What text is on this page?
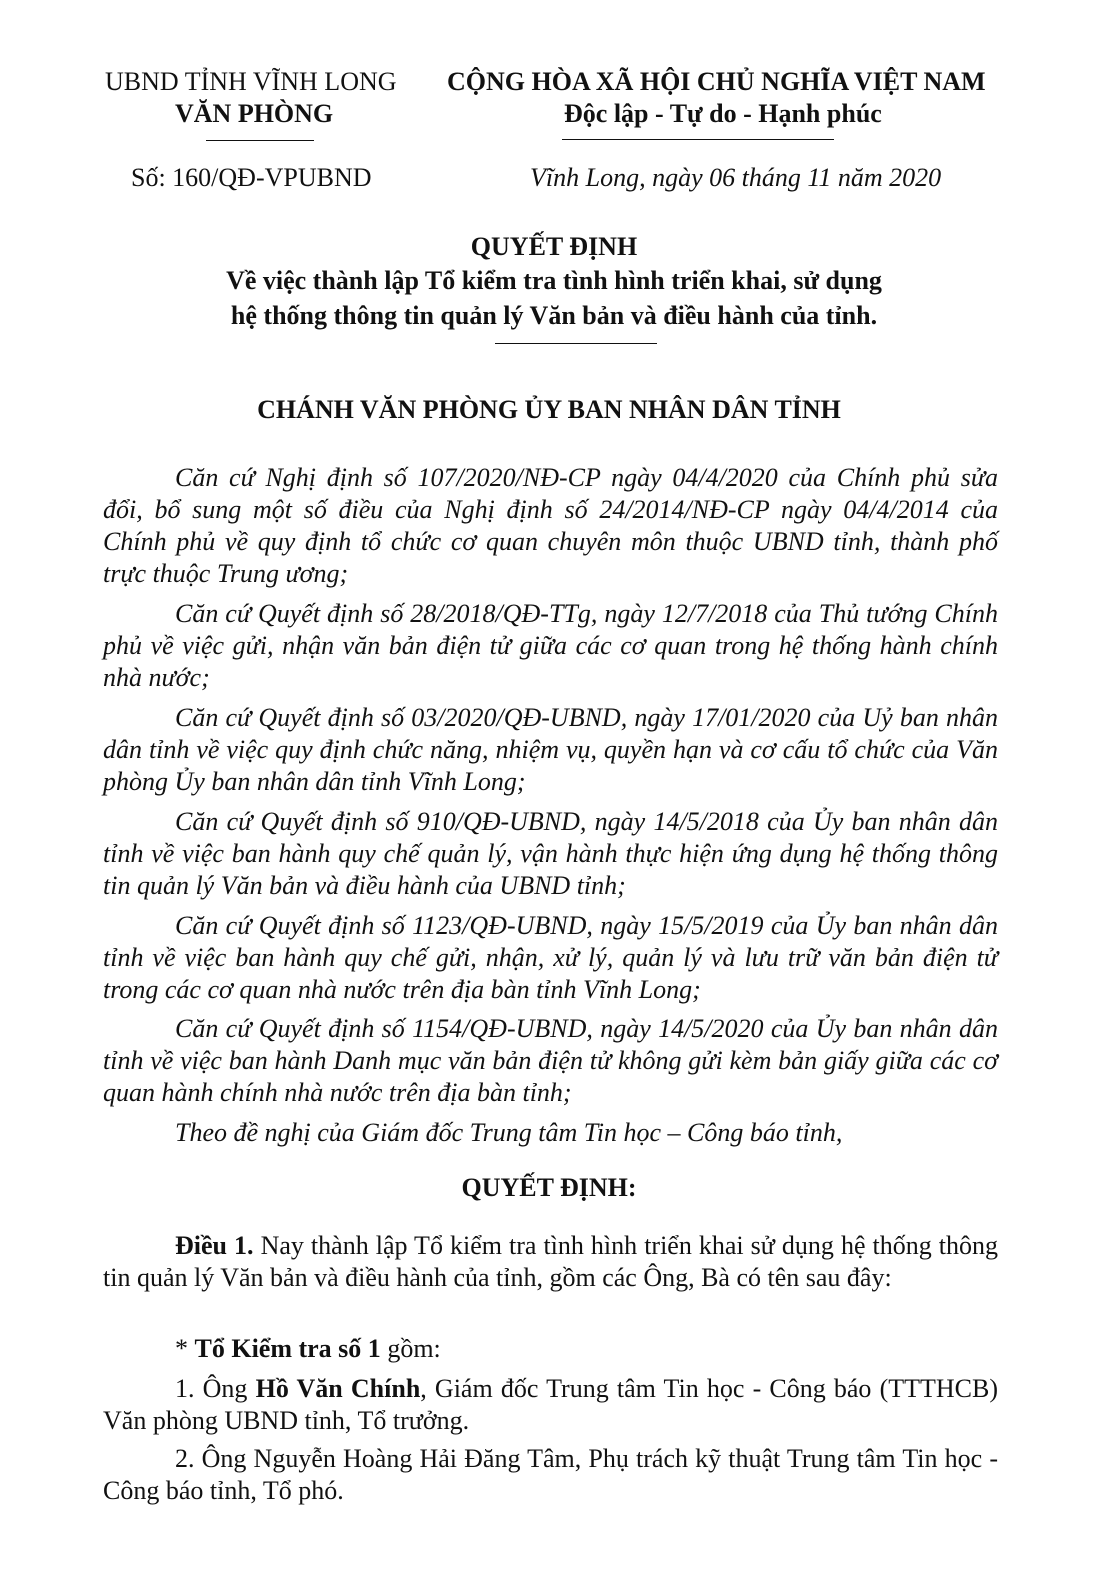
UBND TỈNH VĨNH LONG
VĂN PHÒNG
CỘNG HÒA XÃ HỘI CHỦ NGHĨA VIỆT NAM
Độc lập - Tự do - Hạnh phúc
Số: 160/QĐ-VPUBND	Vĩnh Long, ngày 06 tháng 11 năm 2020
QUYẾT ĐỊNH
Về việc thành lập Tổ kiểm tra tình hình triển khai, sử dụng
hệ thống thông tin quản lý Văn bản và điều hành của tỉnh.
CHÁNH VĂN PHÒNG ỦY BAN NHÂN DÂN TỈNH
Căn cứ Nghị định số 107/2020/NĐ-CP ngày 04/4/2020 của Chính phủ sửa đổi, bổ sung một số điều của Nghị định số 24/2014/NĐ-CP ngày 04/4/2014 của Chính phủ về quy định tổ chức cơ quan chuyên môn thuộc UBND tỉnh, thành phố trực thuộc Trung ương;
Căn cứ Quyết định số 28/2018/QĐ-TTg, ngày 12/7/2018 của Thủ tướng Chính phủ về việc gửi, nhận văn bản điện tử giữa các cơ quan trong hệ thống hành chính nhà nước;
Căn cứ Quyết định số 03/2020/QĐ-UBND, ngày 17/01/2020 của Uỷ ban nhân dân tỉnh về việc quy định chức năng, nhiệm vụ, quyền hạn và cơ cấu tổ chức của Văn phòng Ủy ban nhân dân tỉnh Vĩnh Long;
Căn cứ Quyết định số 910/QĐ-UBND, ngày 14/5/2018 của Ủy ban nhân dân tỉnh về việc ban hành quy chế quản lý, vận hành thực hiện ứng dụng hệ thống thông tin quản lý Văn bản và điều hành của UBND tỉnh;
Căn cứ Quyết định số 1123/QĐ-UBND, ngày 15/5/2019 của Ủy ban nhân dân tỉnh về việc ban hành quy chế gửi, nhận, xử lý, quản lý và lưu trữ văn bản điện tử trong các cơ quan nhà nước trên địa bàn tỉnh Vĩnh Long;
Căn cứ Quyết định số 1154/QĐ-UBND, ngày 14/5/2020 của Ủy ban nhân dân tỉnh về việc ban hành Danh mục văn bản điện tử không gửi kèm bản giấy giữa các cơ quan hành chính nhà nước trên địa bàn tỉnh;
Theo đề nghị của Giám đốc Trung tâm Tin học – Công báo tỉnh,
QUYẾT ĐỊNH:
Điều 1. Nay thành lập Tổ kiểm tra tình hình triển khai sử dụng hệ thống thông tin quản lý Văn bản và điều hành của tỉnh, gồm các Ông, Bà có tên sau đây:
* Tổ Kiểm tra số 1 gồm:
1. Ông Hồ Văn Chính, Giám đốc Trung tâm Tin học - Công báo (TTTHCB) Văn phòng UBND tỉnh, Tổ trưởng.
2. Ông Nguyễn Hoàng Hải Đăng Tâm, Phụ trách kỹ thuật Trung tâm Tin học - Công báo tỉnh, Tổ phó.
